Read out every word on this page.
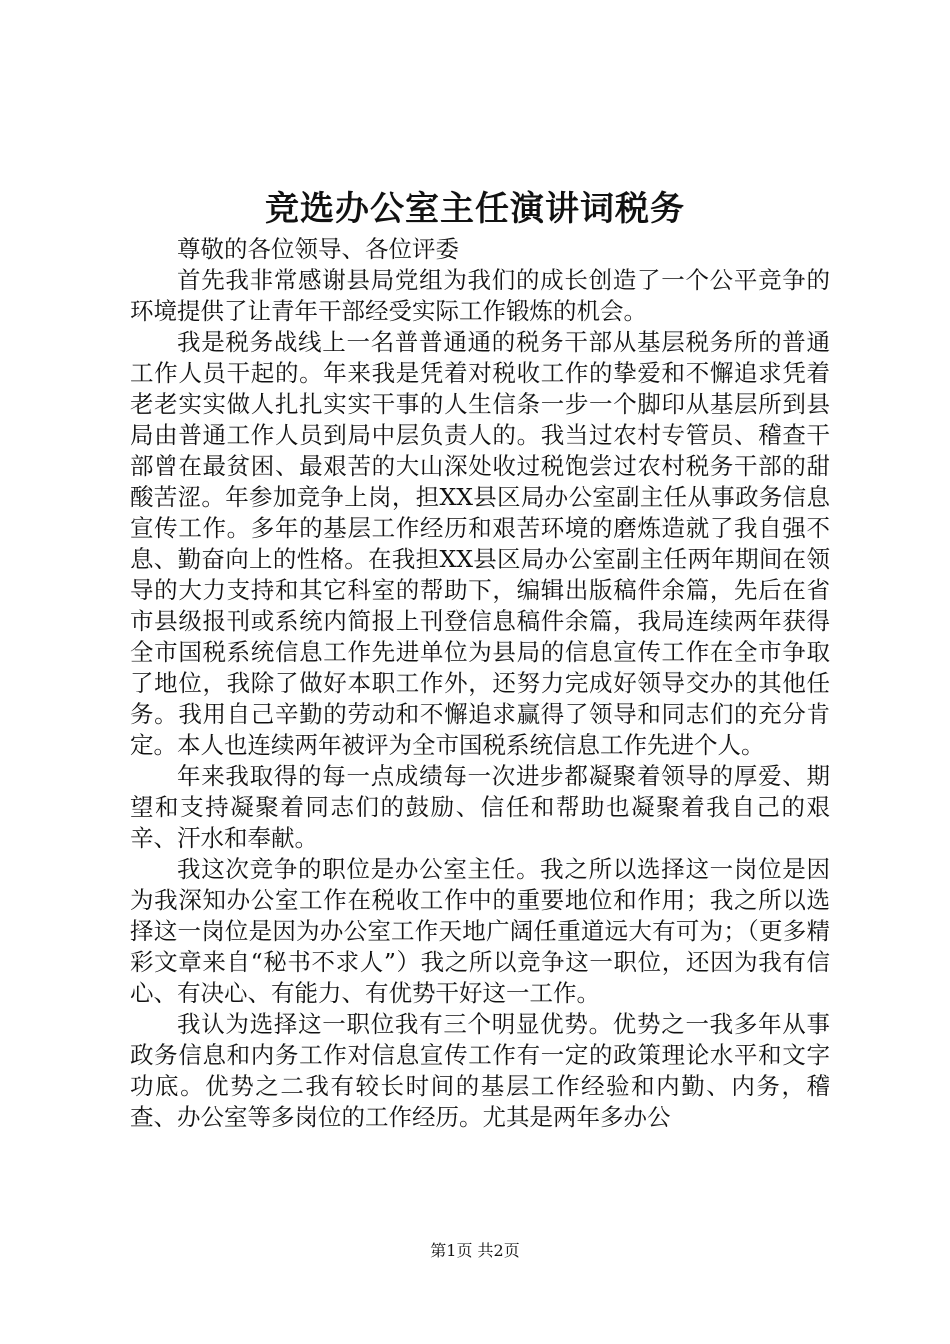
竞选办公室主任演讲词税务

尊敬的各位领导、各位评委

首先我非常感谢县局党组为我们的成长创造了一个公平竞争的环境提供了让青年干部经受实际工作锻炼的机会。

我是税务战线上一名普普通通的税务干部从基层税务所的普通工作人员干起的。年来我是凭着对税收工作的挚爱和不懈追求凭着老老实实做人扎扎实实干事的人生信条一步一个脚印从基层所到县局由普通工作人员到局中层负责人的。我当过农村专管员、稽查干部曾在最贫困、最艰苦的大山深处收过税饱尝过农村税务干部的甜酸苦涩。年参加竞争上岗，担XX县区局办公室副主任从事政务信息宣传工作。多年的基层工作经历和艰苦环境的磨炼造就了我自强不息、勤奋向上的性格。在我担XX县区局办公室副主任两年期间在领导的大力支持和其它科室的帮助下，编辑出版稿件余篇，先后在省市县级报刊或系统内简报上刊登信息稿件余篇，我局连续两年获得全市国税系统信息工作先进单位为县局的信息宣传工作在全市争取了地位，我除了做好本职工作外，还努力完成好领导交办的其他任务。我用自己辛勤的劳动和不懈追求赢得了领导和同志们的充分肯定。本人也连续两年被评为全市国税系统信息工作先进个人。

年来我取得的每一点成绩每一次进步都凝聚着领导的厚爱、期望和支持凝聚着同志们的鼓励、信任和帮助也凝聚着我自己的艰辛、汗水和奉献。

我这次竞争的职位是办公室主任。我之所以选择这一岗位是因为我深知办公室工作在税收工作中的重要地位和作用；我之所以选择这一岗位是因为办公室工作天地广阔任重道远大有可为；（更多精彩文章来自“秘书不求人”）我之所以竞争这一职位，还因为我有信心、有决心、有能力、有优势干好这一工作。

我认为选择这一职位我有三个明显优势。优势之一我多年从事政务信息和内务工作对信息宣传工作有一定的政策理论水平和文字功底。优势之二我有较长时间的基层工作经验和内勤、内务，稽查、办公室等多岗位的工作经历。尤其是两年多办公

第1页 共2页
